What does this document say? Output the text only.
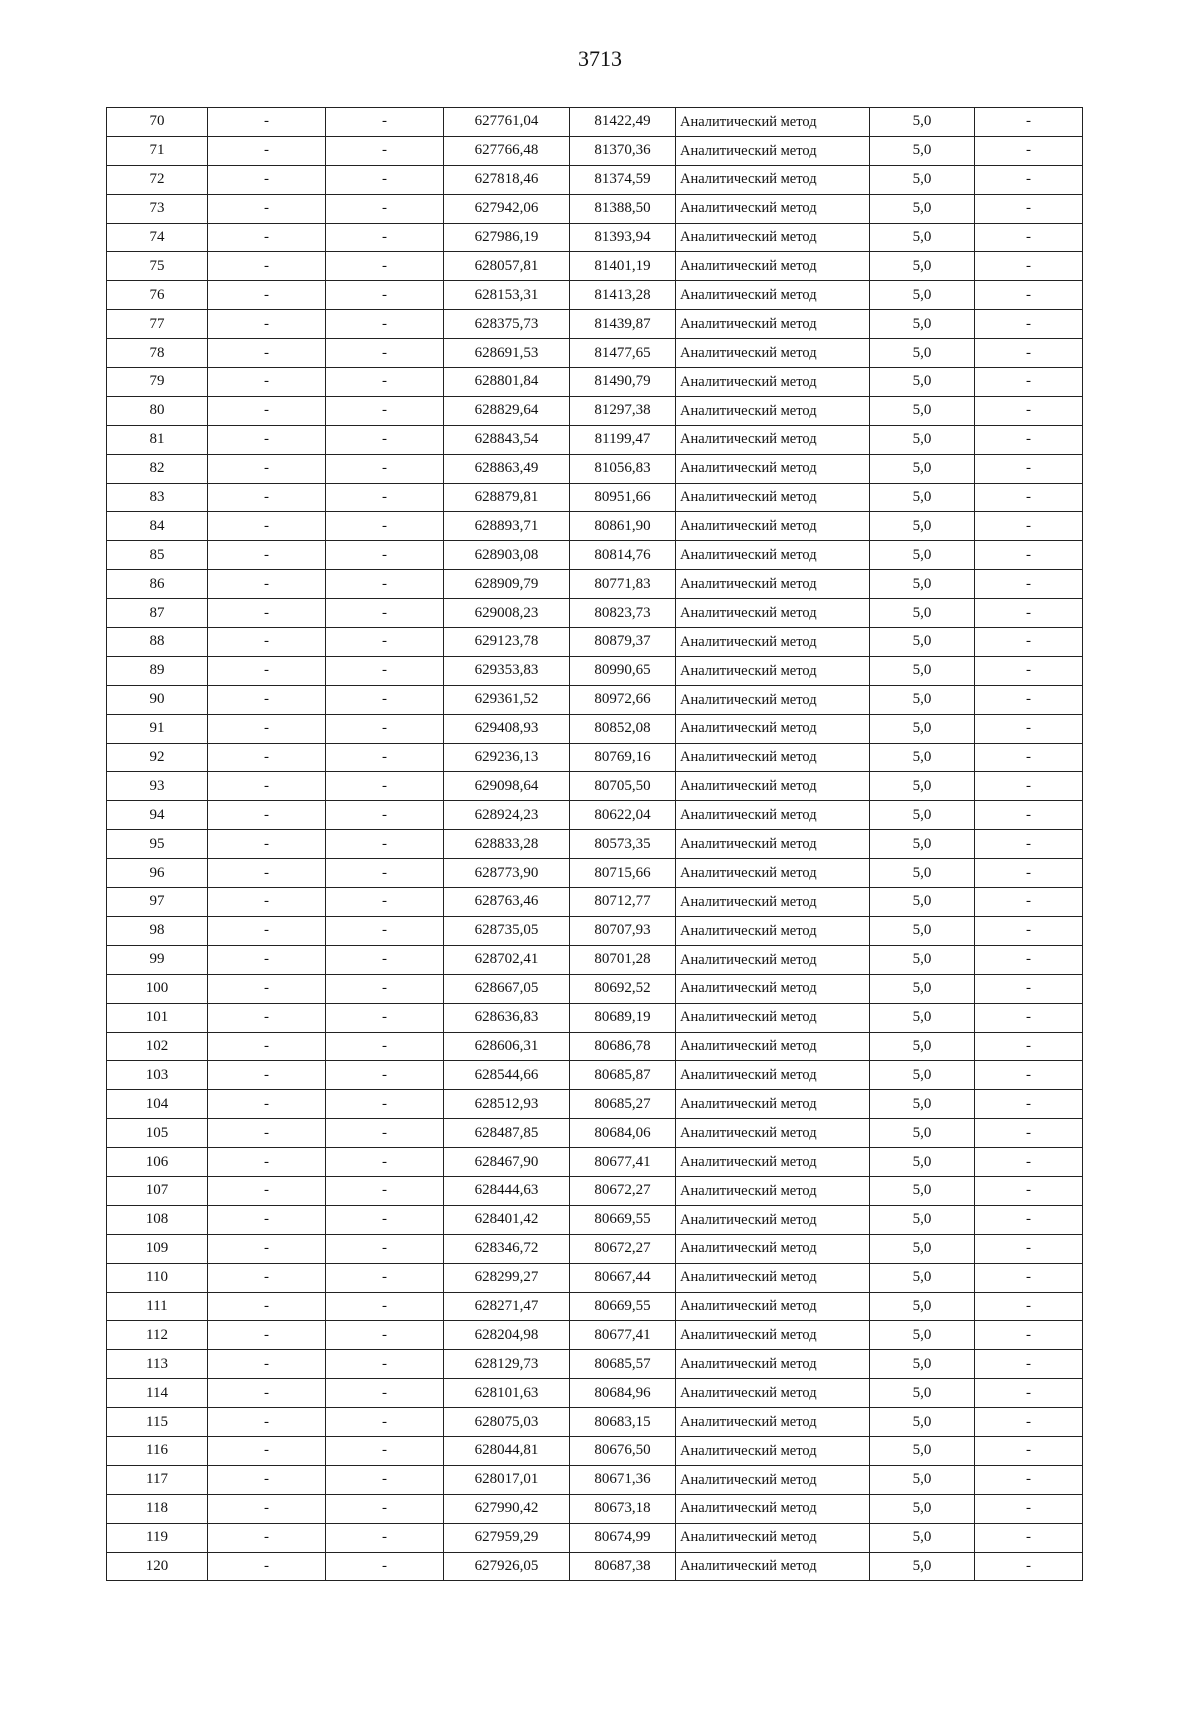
3713
70	-	-	627761,04	81422,49	Аналитический метод	5,0	-
71	-	-	627766,48	81370,36	Аналитический метод	5,0	-
72	-	-	627818,46	81374,59	Аналитический метод	5,0	-
73	-	-	627942,06	81388,50	Аналитический метод	5,0	-
74	-	-	627986,19	81393,94	Аналитический метод	5,0	-
75	-	-	628057,81	81401,19	Аналитический метод	5,0	-
76	-	-	628153,31	81413,28	Аналитический метод	5,0	-
77	-	-	628375,73	81439,87	Аналитический метод	5,0	-
78	-	-	628691,53	81477,65	Аналитический метод	5,0	-
79	-	-	628801,84	81490,79	Аналитический метод	5,0	-
80	-	-	628829,64	81297,38	Аналитический метод	5,0	-
81	-	-	628843,54	81199,47	Аналитический метод	5,0	-
82	-	-	628863,49	81056,83	Аналитический метод	5,0	-
83	-	-	628879,81	80951,66	Аналитический метод	5,0	-
84	-	-	628893,71	80861,90	Аналитический метод	5,0	-
85	-	-	628903,08	80814,76	Аналитический метод	5,0	-
86	-	-	628909,79	80771,83	Аналитический метод	5,0	-
87	-	-	629008,23	80823,73	Аналитический метод	5,0	-
88	-	-	629123,78	80879,37	Аналитический метод	5,0	-
89	-	-	629353,83	80990,65	Аналитический метод	5,0	-
90	-	-	629361,52	80972,66	Аналитический метод	5,0	-
91	-	-	629408,93	80852,08	Аналитический метод	5,0	-
92	-	-	629236,13	80769,16	Аналитический метод	5,0	-
93	-	-	629098,64	80705,50	Аналитический метод	5,0	-
94	-	-	628924,23	80622,04	Аналитический метод	5,0	-
95	-	-	628833,28	80573,35	Аналитический метод	5,0	-
96	-	-	628773,90	80715,66	Аналитический метод	5,0	-
97	-	-	628763,46	80712,77	Аналитический метод	5,0	-
98	-	-	628735,05	80707,93	Аналитический метод	5,0	-
99	-	-	628702,41	80701,28	Аналитический метод	5,0	-
100	-	-	628667,05	80692,52	Аналитический метод	5,0	-
101	-	-	628636,83	80689,19	Аналитический метод	5,0	-
102	-	-	628606,31	80686,78	Аналитический метод	5,0	-
103	-	-	628544,66	80685,87	Аналитический метод	5,0	-
104	-	-	628512,93	80685,27	Аналитический метод	5,0	-
105	-	-	628487,85	80684,06	Аналитический метод	5,0	-
106	-	-	628467,90	80677,41	Аналитический метод	5,0	-
107	-	-	628444,63	80672,27	Аналитический метод	5,0	-
108	-	-	628401,42	80669,55	Аналитический метод	5,0	-
109	-	-	628346,72	80672,27	Аналитический метод	5,0	-
110	-	-	628299,27	80667,44	Аналитический метод	5,0	-
111	-	-	628271,47	80669,55	Аналитический метод	5,0	-
112	-	-	628204,98	80677,41	Аналитический метод	5,0	-
113	-	-	628129,73	80685,57	Аналитический метод	5,0	-
114	-	-	628101,63	80684,96	Аналитический метод	5,0	-
115	-	-	628075,03	80683,15	Аналитический метод	5,0	-
116	-	-	628044,81	80676,50	Аналитический метод	5,0	-
117	-	-	628017,01	80671,36	Аналитический метод	5,0	-
118	-	-	627990,42	80673,18	Аналитический метод	5,0	-
119	-	-	627959,29	80674,99	Аналитический метод	5,0	-
120	-	-	627926,05	80687,38	Аналитический метод	5,0	-
